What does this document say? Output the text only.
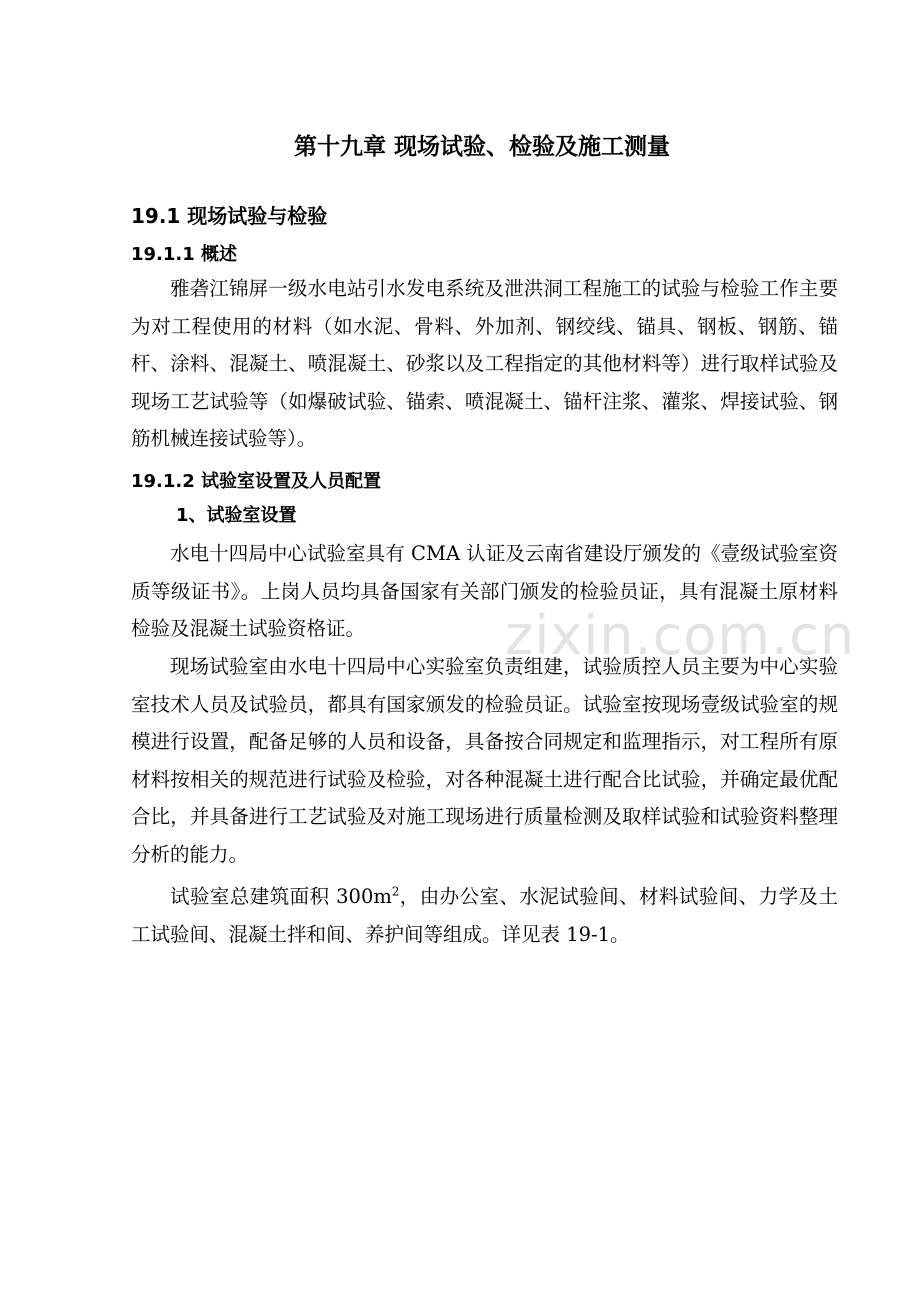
zixin.com.cn
第十九章 现场试验、检验及施工测量
19.1 现场试验与检验
19.1.1 概述

雅砻江锦屏一级水电站引水发电系统及泄洪洞工程施工的试验与检验工作主要为对工程使用的材料（如水泥、骨料、外加剂、钢绞线、锚具、钢板、钢筋、锚杆、涂料、混凝土、喷混凝土、砂浆以及工程指定的其他材料等）进行取样试验及现场工艺试验等（如爆破试验、锚索、喷混凝土、锚杆注浆、灌浆、焊接试验、钢筋机械连接试验等）。

19.1.2 试验室设置及人员配置
1、试验室设置

水电十四局中心试验室具有 CMA 认证及云南省建设厅颁发的《壹级试验室资质等级证书》。上岗人员均具备国家有关部门颁发的检验员证，具有混凝土原材料检验及混凝土试验资格证。

现场试验室由水电十四局中心实验室负责组建，试验质控人员主要为中心实验室技术人员及试验员，都具有国家颁发的检验员证。试验室按现场壹级试验室的规模进行设置，配备足够的人员和设备，具备按合同规定和监理指示，对工程所有原材料按相关的规范进行试验及检验，对各种混凝土进行配合比试验，并确定最优配合比，并具备进行工艺试验及对施工现场进行质量检测及取样试验和试验资料整理分析的能力。

试验室总建筑面积 $300m^2$，由办公室、水泥试验间、材料试验间、力学及土工试验间、混凝土拌和间、养护间等组成。详见表 19-1。
